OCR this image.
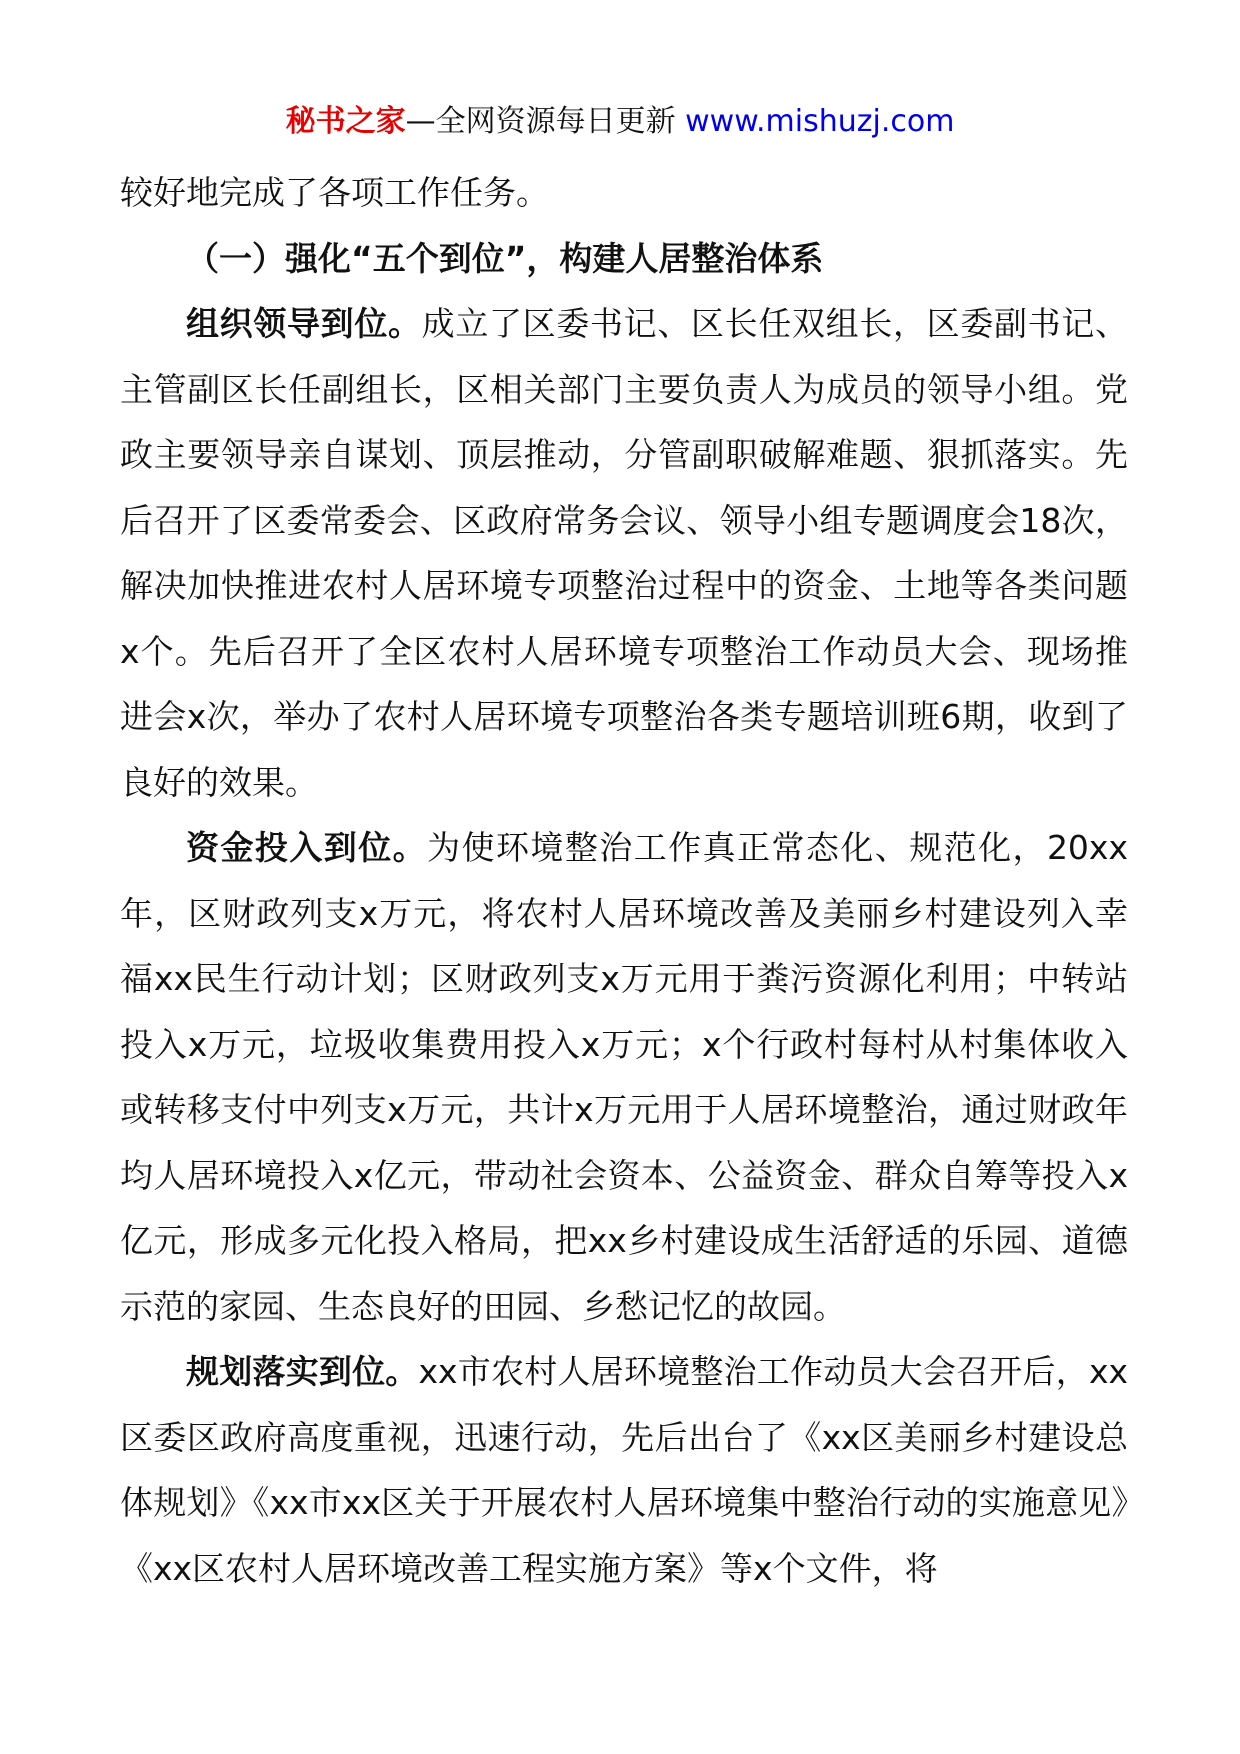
秘书之家—全网资源每日更新 www.mishuzj.com

较好地完成了各项工作任务。

（一）强化“五个到位”，构建人居整治体系

组织领导到位。成立了区委书记、区长任双组长，区委副书记、主管副区长任副组长，区相关部门主要负责人为成员的领导小组。党政主要领导亲自谋划、顶层推动，分管副职破解难题、狠抓落实。先后召开了区委常委会、区政府常务会议、领导小组专题调度会18次，解决加快推进农村人居环境专项整治过程中的资金、土地等各类问题x个。先后召开了全区农村人居环境专项整治工作动员大会、现场推进会x次，举办了农村人居环境专项整治各类专题培训班6期，收到了良好的效果。

资金投入到位。为使环境整治工作真正常态化、规范化，20xx年，区财政列支x万元，将农村人居环境改善及美丽乡村建设列入幸福xx民生行动计划；区财政列支x万元用于粪污资源化利用；中转站投入x万元，垃圾收集费用投入x万元；x个行政村每村从村集体收入或转移支付中列支x万元，共计x万元用于人居环境整治，通过财政年均人居环境投入x亿元，带动社会资本、公益资金、群众自筹等投入x亿元，形成多元化投入格局，把xx乡村建设成生活舒适的乐园、道德示范的家园、生态良好的田园、乡愁记忆的故园。

规划落实到位。xx市农村人居环境整治工作动员大会召开后，xx区委区政府高度重视，迅速行动，先后出台了《xx区美丽乡村建设总体规划》《xx市xx区关于开展农村人居环境集中整治行动的实施意见》《xx区农村人居环境改善工程实施方案》等x个文件，将
